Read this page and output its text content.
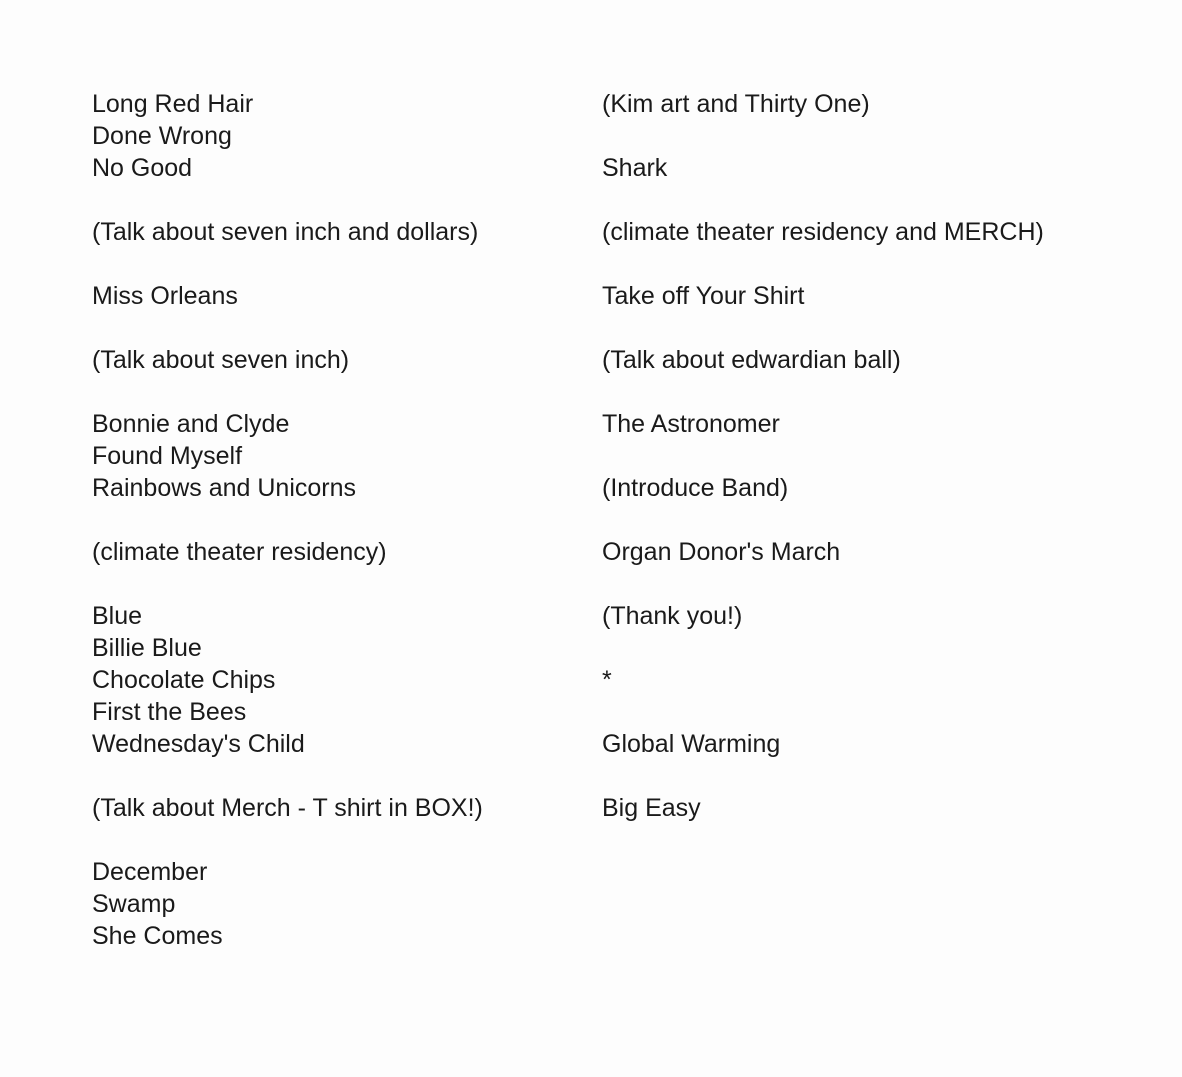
Long Red Hair
Done Wrong
No Good
(Talk about seven inch and dollars)
Miss Orleans
(Talk about seven inch)
Bonnie and Clyde
Found Myself
Rainbows and Unicorns
(climate theater residency)
Blue
Billie Blue
Chocolate Chips
First the Bees
Wednesday's Child
(Talk about Merch - T shirt in BOX!)
December
Swamp
She Comes
(Kim art and Thirty One)
Shark
(climate theater residency and MERCH)
Take off Your Shirt
(Talk about edwardian ball)
The Astronomer
(Introduce Band)
Organ Donor's March
(Thank you!)
*
Global Warming
Big Easy
